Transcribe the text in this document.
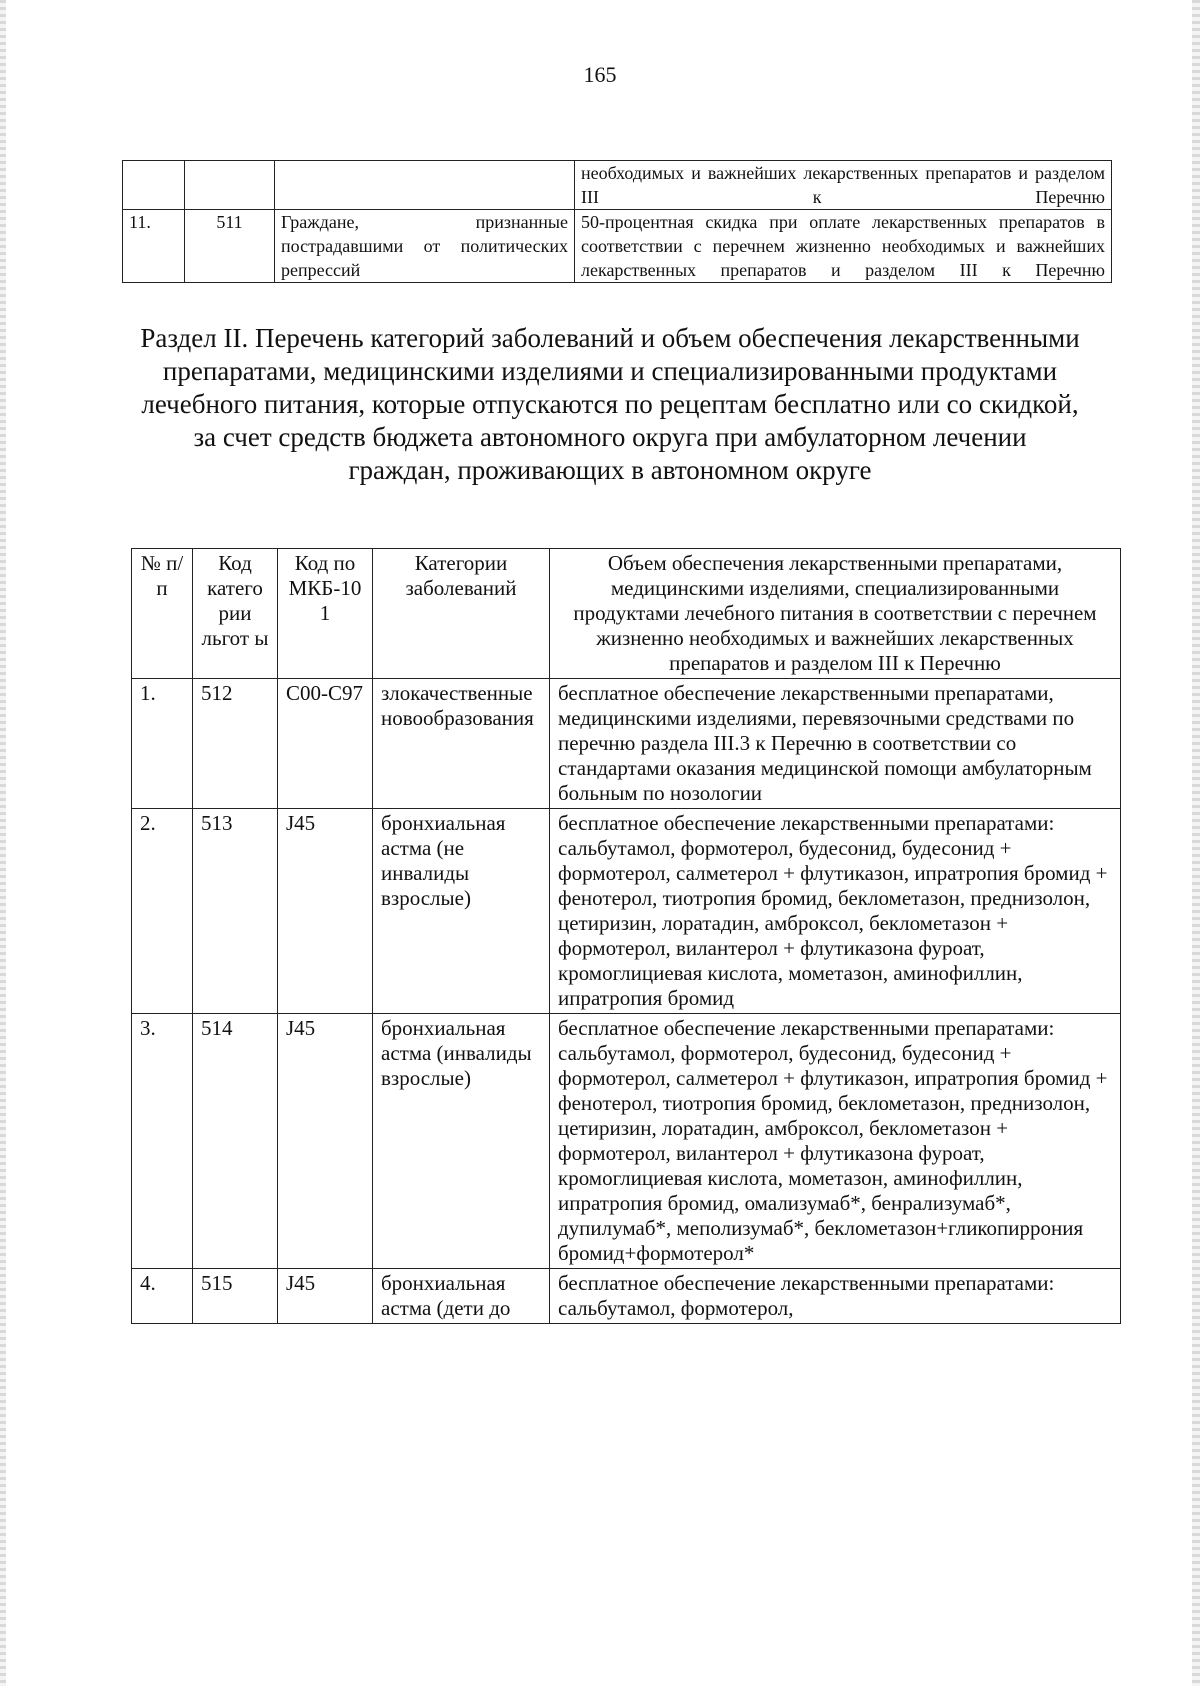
165
			необходимых и важнейших лекарственных препаратов и разделом III к Перечню
11.	511	Граждане, признанные пострадавшими от политических репрессий	50-процентная скидка при оплате лекарственных препаратов в соответствии с перечнем жизненно необходимых и важнейших лекарственных препаратов и разделом III к Перечню
Раздел II. Перечень категорий заболеваний и объем обеспечения лекарственными препаратами, медицинскими изделиями и специализированными продуктами лечебного питания, которые отпускаются по рецептам бесплатно или со скидкой, за счет средств бюджета автономного округа при амбулаторном лечении граждан, проживающих в автономном округе
№ п/п	Код катего рии льгот ы	Код по МКБ-10 1	Категории заболеваний	Объем обеспечения лекарственными препаратами, медицинскими изделиями, специализированными продуктами лечебного питания в соответствии с перечнем жизненно необходимых и важнейших лекарственных препаратов и разделом III к Перечню
1.	512	C00-C97	злокачественные новообразования	бесплатное обеспечение лекарственными препаратами, медицинскими изделиями, перевязочными средствами по перечню раздела III.3 к Перечню в соответствии со стандартами оказания медицинской помощи амбулаторным больным по нозологии
2.	513	J45	бронхиальная астма (не инвалиды взрослые)	бесплатное обеспечение лекарственными препаратами: сальбутамол, формотерол, будесонид, будесонид + формотерол, салметерол + флутиказон, ипратропия бромид + фенотерол, тиотропия бромид, беклометазон, преднизолон, цетиризин, лоратадин, амброксол, беклометазон + формотерол, вилантерол + флутиказона фуроат, кромоглициевая кислота, мометазон, аминофиллин, ипратропия бромид
3.	514	J45	бронхиальная астма (инвалиды взрослые)	бесплатное обеспечение лекарственными препаратами: сальбутамол, формотерол, будесонид, будесонид + формотерол, салметерол + флутиказон, ипратропия бромид + фенотерол, тиотропия бромид, беклометазон, преднизолон, цетиризин, лоратадин, амброксол, беклометазон + формотерол, вилантерол + флутиказона фуроат, кромоглициевая кислота, мометазон, аминофиллин, ипратропия бромид, омализумаб*, бенрализумаб*, дупилумаб*, меполизумаб*, беклометазон+гликопиррония бромид+формотерол*
4.	515	J45	бронхиальная астма (дети до	бесплатное обеспечение лекарственными препаратами: сальбутамол, формотерол,
